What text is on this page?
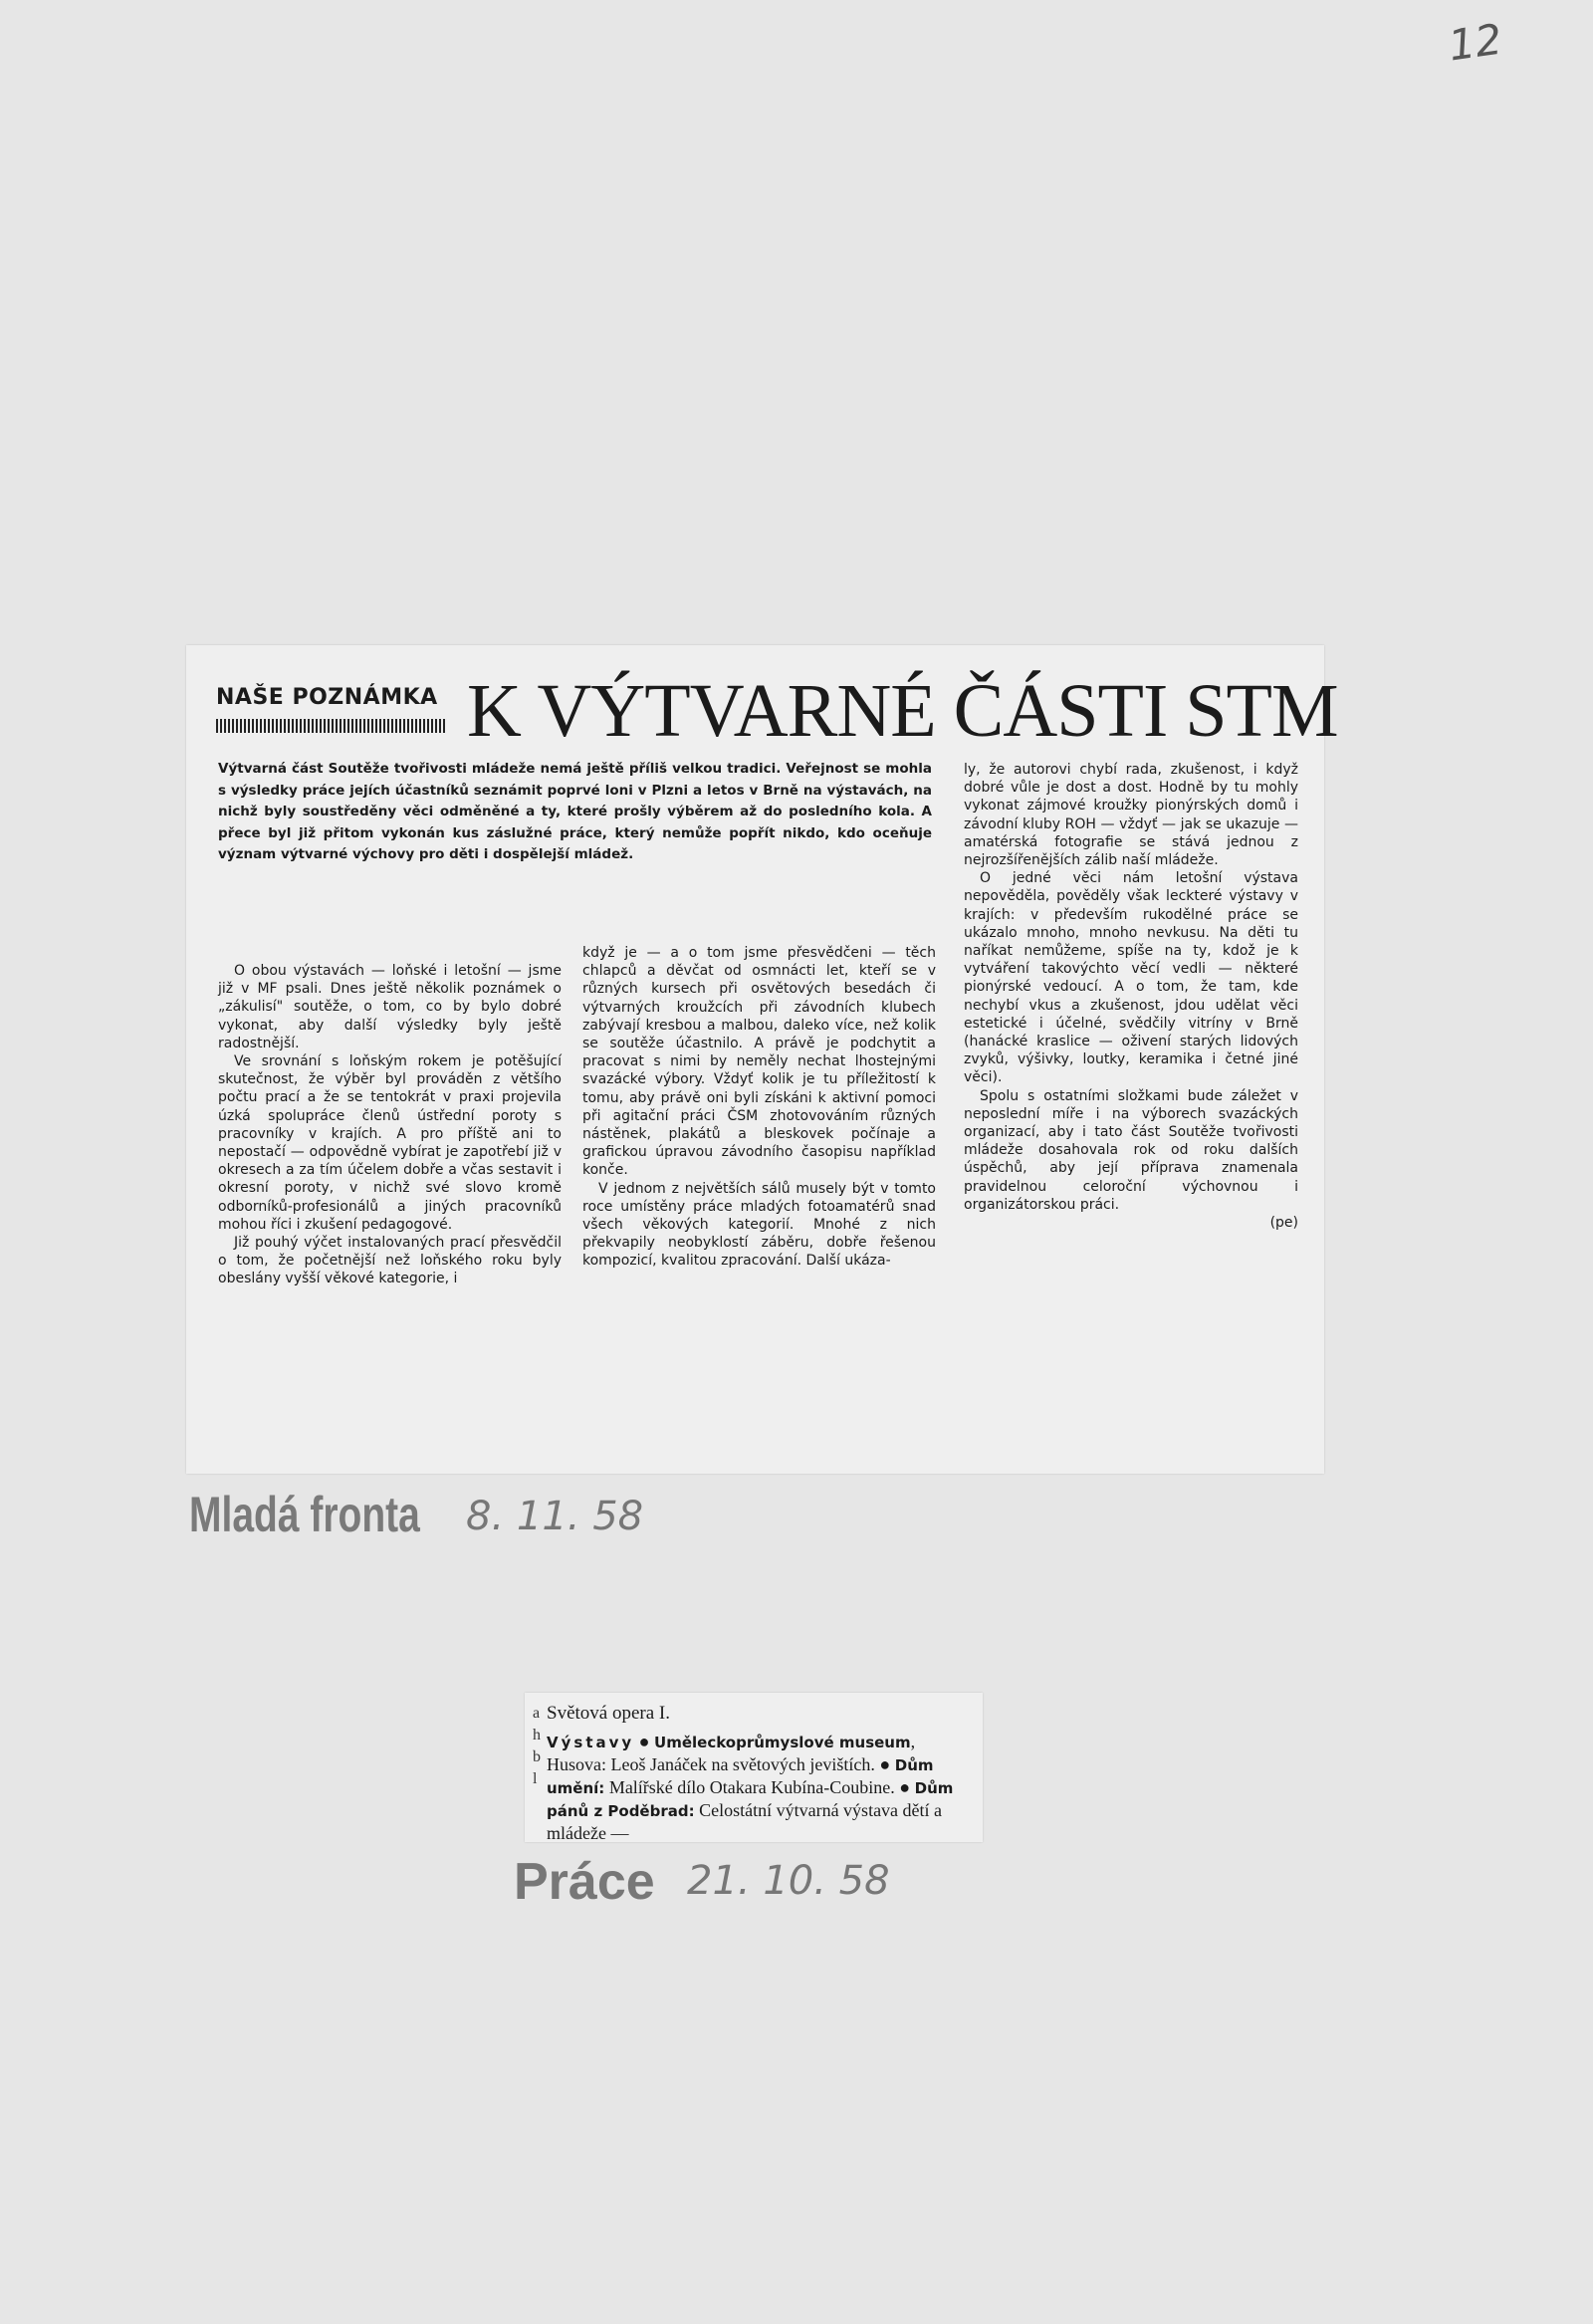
12
NAŠE POZNÁMKA K VÝTVARNÉ ČÁSTI STM

Výtvarná část Soutěže tvořivosti mládeže nemá ještě příliš velkou tradici. Veřejnost se mohla s výsledky práce jejích účastníků seznámit poprvé loni v Plzni a letos v Brně na výstavách, na nichž byly soustředěny věci odměněné a ty, které prošly výběrem až do posledního kola. A přece byl již přitom vykonán kus záslužné práce, který nemůže popřít nikdo, kdo oceňuje význam výtvarné výchovy pro děti i dospělejší mládež.

O obou výstavách — loňské i letošní — jsme již v MF psali. Dnes ještě několik poznámek o „zákulisí" soutěže, o tom, co by bylo dobré vykonat, aby další výsledky byly ještě radostnější.

Ve srovnání s loňským rokem je potěšující skutečnost, že výběr byl prováděn z většího počtu prací a že se tentokrát v praxi projevila úzká spolupráce členů ústřední poroty s pracovníky v krajích. A pro příště ani to nepostačí — odpovědně vybírat je zapotřebí již v okresech a za tím účelem dobře a včas sestavit i okresní poroty, v nichž své slovo kromě odborníků-profesionálů a jiných pracovníků mohou říci i zkušení pedagogové.

Již pouhý výčet instalovaných prací přesvědčil o tom, že početnější než loňského roku byly obeslány vyšší věkové kategorie, i

když je — a o tom jsme přesvědčeni — těch chlapců a děvčat od osmnácti let, kteří se v různých kursech při osvětových besedách či výtvarných kroužcích při závodních klubech zabývají kresbou a malbou, daleko více, než kolik se soutěže účastnilo. A právě je podchytit a pracovat s nimi by neměly nechat lhostejnými svazácké výbory. Vždyť kolik je tu příležitostí k tomu, aby právě oni byli získáni k aktivní pomoci při agitační práci ČSM zhotovováním různých nástěnek, plakátů a bleskovek počínaje a grafickou úpravou závodního časopisu například konče.

V jednom z největších sálů musely být v tomto roce umístěny práce mladých fotoamatérů snad všech věkových kategorií. Mnohé z nich překvapily neobyklostí záběru, dobře řešenou kompozicí, kvalitou zpracování. Další ukáza-

ly, že autorovi chybí rada, zkušenost, i když dobré vůle je dost a dost. Hodně by tu mohly vykonat zájmové kroužky pionýrských domů i závodní kluby ROH — vždyť — jak se ukazuje — amatérská fotografie se stává jednou z nejrozšířenějších zálib naší mládeže.

O jedné věci nám letošní výstava nepověděla, pověděly však leckteré výstavy v krajích: v především rukodělné práce se ukázalo mnoho, mnoho nevkusu. Na děti tu naříkat nemůžeme, spíše na ty, kdož je k vytváření takovýchto věcí vedli — některé pionýrské vedoucí. A o tom, že tam, kde nechybí vkus a zkušenost, jdou udělat věci estetické i účelné, svědčily vitríny v Brně (hanácké kraslice — oživení starých lidových zvyků, výšivky, loutky, keramika i četné jiné věci).

Spolu s ostatními složkami bude záležet v neposlední míře i na výborech svazáckých organizací, aby i tato část Soutěže tvořivosti mládeže dosahovala rok od roku dalších úspěchů, aby její příprava znamenala pravidelnou celoroční výchovnou i organizátorskou práci.

(pe)
Mladá fronta 8. 11. 58
a h b l
Světová opera I.

Výstavy ● Uměleckoprůmyslové museum, Husova: Leoš Janáček na světových jevištích. ● Dům umění: Malířské dílo Otakara Kubína-Coubine. ● Dům pánů z Poděbrad: Celostátní výtvarná výstava dětí a mládeže —

Práce 21. 10. 58
